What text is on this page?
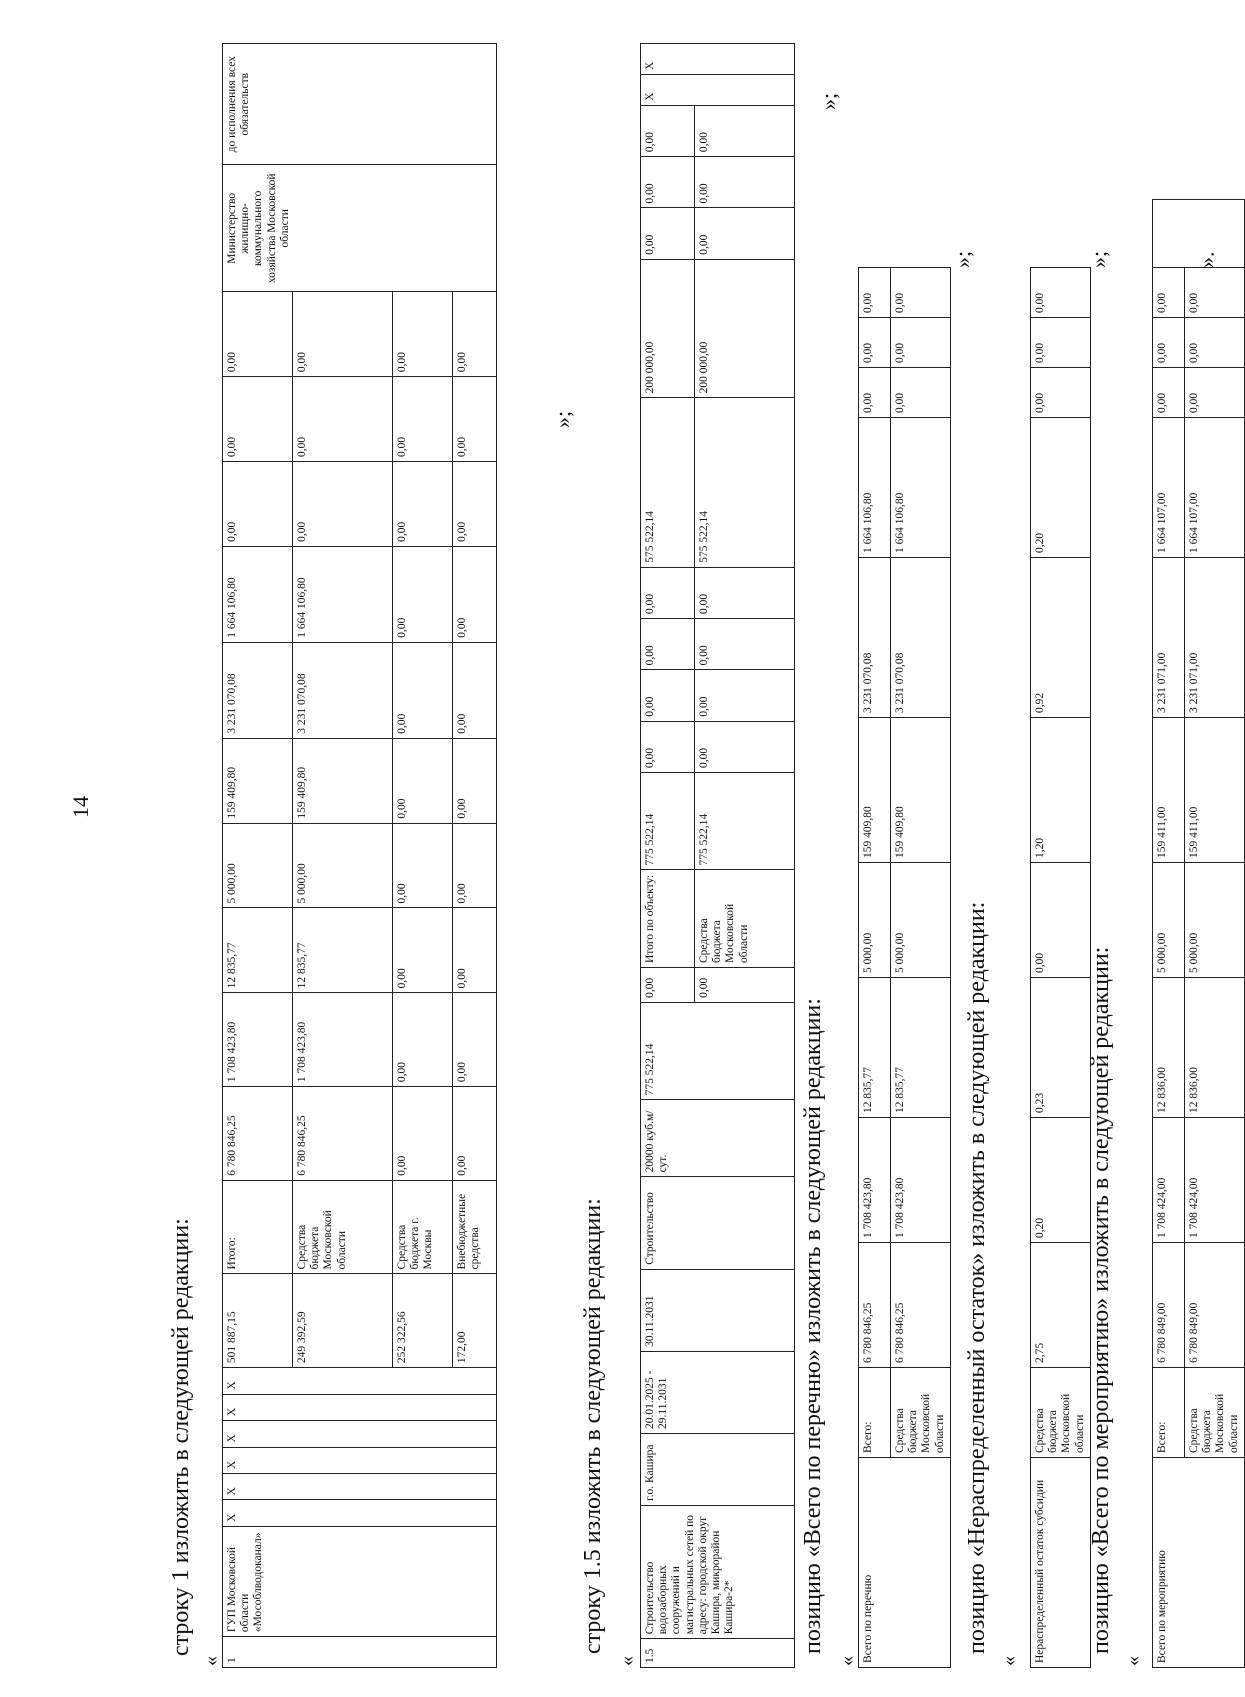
14
строку 1 изложить в следующей редакции:
« 1	ГУП Московской области «Мособлводоканал»	X	X	X	X	X	X	501 887,15	Итого:	6 780 846,25	1 708 423,80	12 835,77	5 000,00	159 409,80	3 231 070,08	1 664 106,80	0,00	0,00	0,00	Министерство жилищно-коммунального хозяйства Московской области	до исполнения всех обязательств
								249 392,59	Средства бюджета Московской области	6 780 846,25	1 708 423,80	12 835,77	5 000,00	159 409,80	3 231 070,08	1 664 106,80	0,00	0,00	0,00		
								252 322,56	Средства бюджета г. Москвы	0,00	0,00	0,00	0,00	0,00	0,00	0,00	0,00	0,00	0,00		
								172,00	Внебюджетные средства	0,00	0,00	0,00	0,00	0,00	0,00	0,00	0,00	0,00	0,00		
»;
строку 1.5 изложить в следующей редакции:
« 1.5	Строительство водозаборных сооружений и магистральных сетей по адресу: городской округ Кашира, микрорайон Кашира-2*	г.о. Кашира	20.01.2025 - 29.11.2031	30.11.2031	Строительство	20000 куб.м/сут.	775 522,14	0,00	Итого по объекту:	775 522,14	0,00	0,00	0,00	0,00	575 522,14	200 000,00	0,00	0,00	0,00	X	X
								0,00	Средства бюджета Московской области	775 522,14	0,00	0,00	0,00	0,00	575 522,14	200 000,00	0,00	0,00	0,00		
»;
позицию «Всего по перечню» изложить в следующей редакции:
« Всего по перечню	Всего:	6 780 846,25	1 708 423,80	12 835,77	5 000,00	159 409,80	3 231 070,08	1 664 106,80	0,00	0,00	0,00
	Средства бюджета Московской области	6 780 846,25	1 708 423,80	12 835,77	5 000,00	159 409,80	3 231 070,08	1 664 106,80	0,00	0,00	0,00
»;
позицию «Нераспределенный остаток» изложить в следующей редакции:
« Нераспределенный остаток субсидии	Средства бюджета Московской области	2,75	0,20	0,23	0,00	1,20	0,92	0,20	0,00	0,00	0,00
»;
позицию «Всего по мероприятию» изложить в следующей редакции:
« Всего по мероприятию	Всего:	6 780 849,00	1 708 424,00	12 836,00	5 000,00	159 411,00	3 231 071,00	1 664 107,00	0,00	0,00	0,00	
	Средства бюджета Московской области	6 780 849,00	1 708 424,00	12 836,00	5 000,00	159 411,00	3 231 071,00	1 664 107,00	0,00	0,00	0,00	
».
